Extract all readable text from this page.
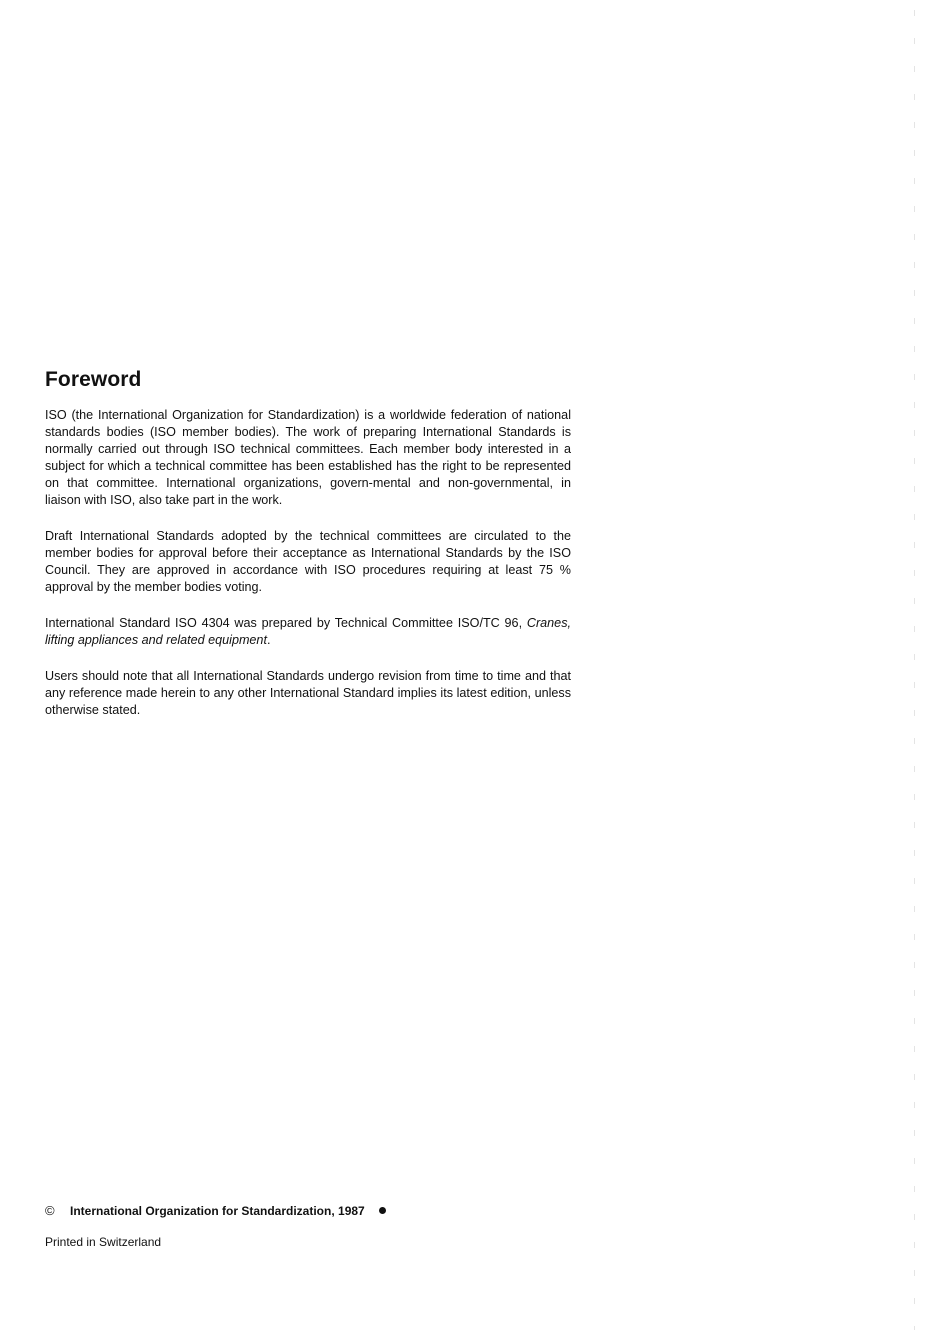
Foreword

ISO (the International Organization for Standardization) is a worldwide federation of national standards bodies (ISO member bodies). The work of preparing International Standards is normally carried out through ISO technical committees. Each member body interested in a subject for which a technical committee has been established has the right to be represented on that committee. International organizations, govern-mental and non-governmental, in liaison with ISO, also take part in the work.

Draft International Standards adopted by the technical committees are circulated to the member bodies for approval before their acceptance as International Standards by the ISO Council. They are approved in accordance with ISO procedures requiring at least 75 % approval by the member bodies voting.

International Standard ISO 4304 was prepared by Technical Committee ISO/TC 96, Cranes, lifting appliances and related equipment.

Users should note that all International Standards undergo revision from time to time and that any reference made herein to any other International Standard implies its latest edition, unless otherwise stated.

©	International Organization for Standardization, 1987
Printed in Switzerland
